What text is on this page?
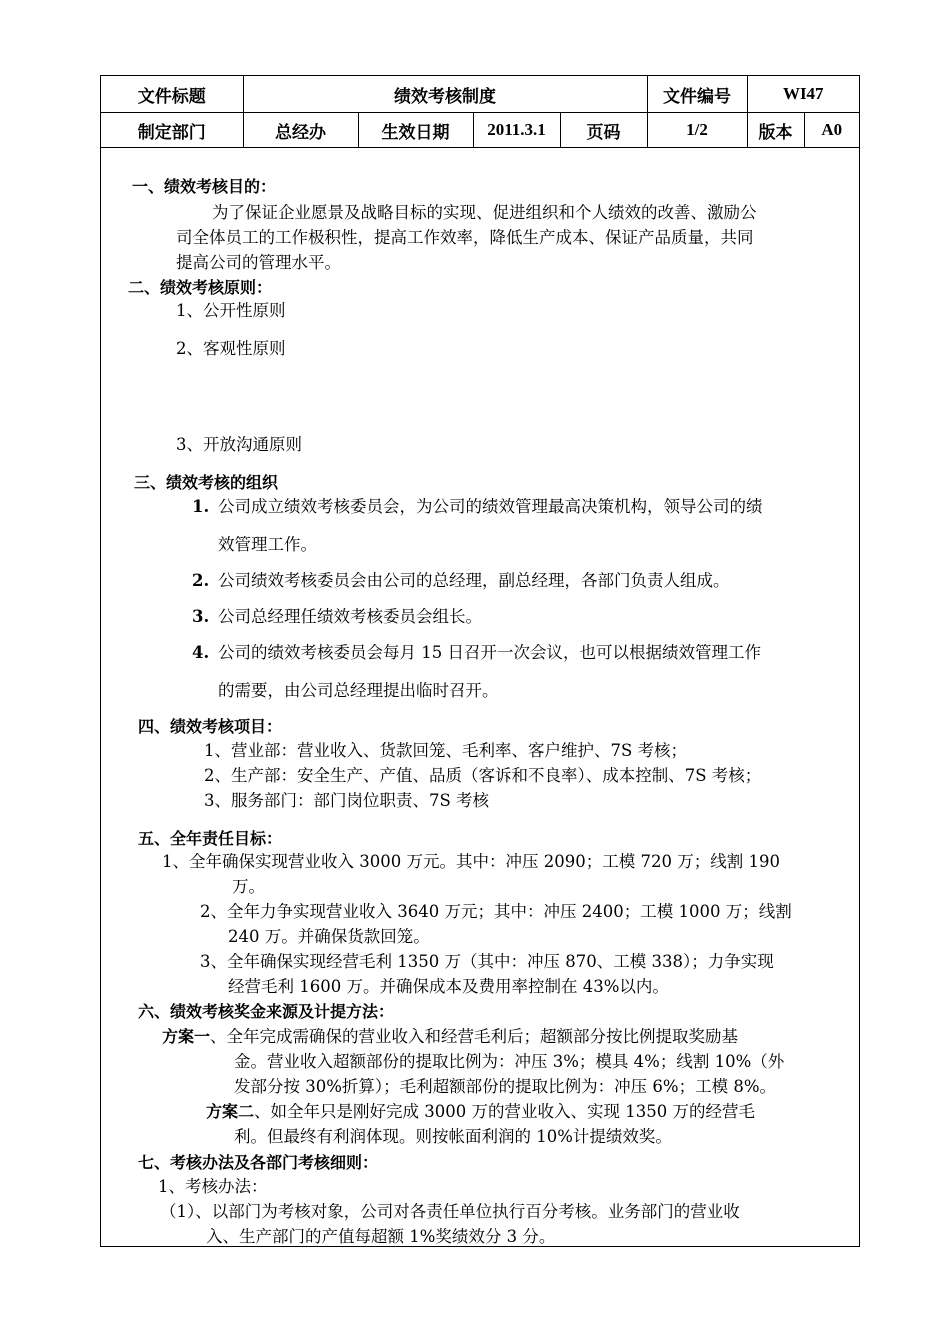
文件标题	绩效考核制度				文件编号	WI47	
制定部门	总经办	生效日期	2011.3.1	页码	1/2	版本	A0
一、绩效考核目的：
为了保证企业愿景及战略目标的实现、促进组织和个人绩效的改善、激励公
司全体员工的工作极积性，提高工作效率，降低生产成本、保证产品质量，共同
提高公司的管理水平。
二、绩效考核原则：
1、公开性原则
2、客观性原则
3、开放沟通原则
三、绩效考核的组织
1. 公司成立绩效考核委员会，为公司的绩效管理最高决策机构，领导公司的绩
效管理工作。
2. 公司绩效考核委员会由公司的总经理，副总经理，各部门负责人组成。
3. 公司总经理任绩效考核委员会组长。
4. 公司的绩效考核委员会每月 15 日召开一次会议，也可以根据绩效管理工作
的需要，由公司总经理提出临时召开。
四、绩效考核项目：
1、营业部：营业收入、货款回笼、毛利率、客户维护、7S 考核；
2、生产部：安全生产、产值、品质（客诉和不良率）、成本控制、7S 考核；
3、服务部门：部门岗位职责、7S 考核
五、全年责任目标：
1、全年确保实现营业收入 3000 万元。其中：冲压 2090；工模 720 万；线割 190
万。
2、全年力争实现营业收入 3640 万元；其中：冲压 2400；工模 1000 万；线割
240 万。并确保货款回笼。
3、全年确保实现经营毛利 1350 万（其中：冲压 870、工模 338）；力争实现
经营毛利 1600 万。并确保成本及费用率控制在 43%以内。
六、绩效考核奖金来源及计提方法：
方案一、全年完成需确保的营业收入和经营毛利后；超额部分按比例提取奖励基
金。营业收入超额部份的提取比例为：冲压 3%；模具 4%；线割 10%（外
发部分按 30%折算）；毛利超额部份的提取比例为：冲压 6%；工模 8%。
方案二、如全年只是刚好完成 3000 万的营业收入、实现 1350 万的经营毛
利。但最终有利润体现。则按帐面利润的 10%计提绩效奖。
七、考核办法及各部门考核细则：
1、考核办法：
（1）、以部门为考核对象，公司对各责任单位执行百分考核。业务部门的营业收
入、生产部门的产值每超额 1%奖绩效分 3 分。
